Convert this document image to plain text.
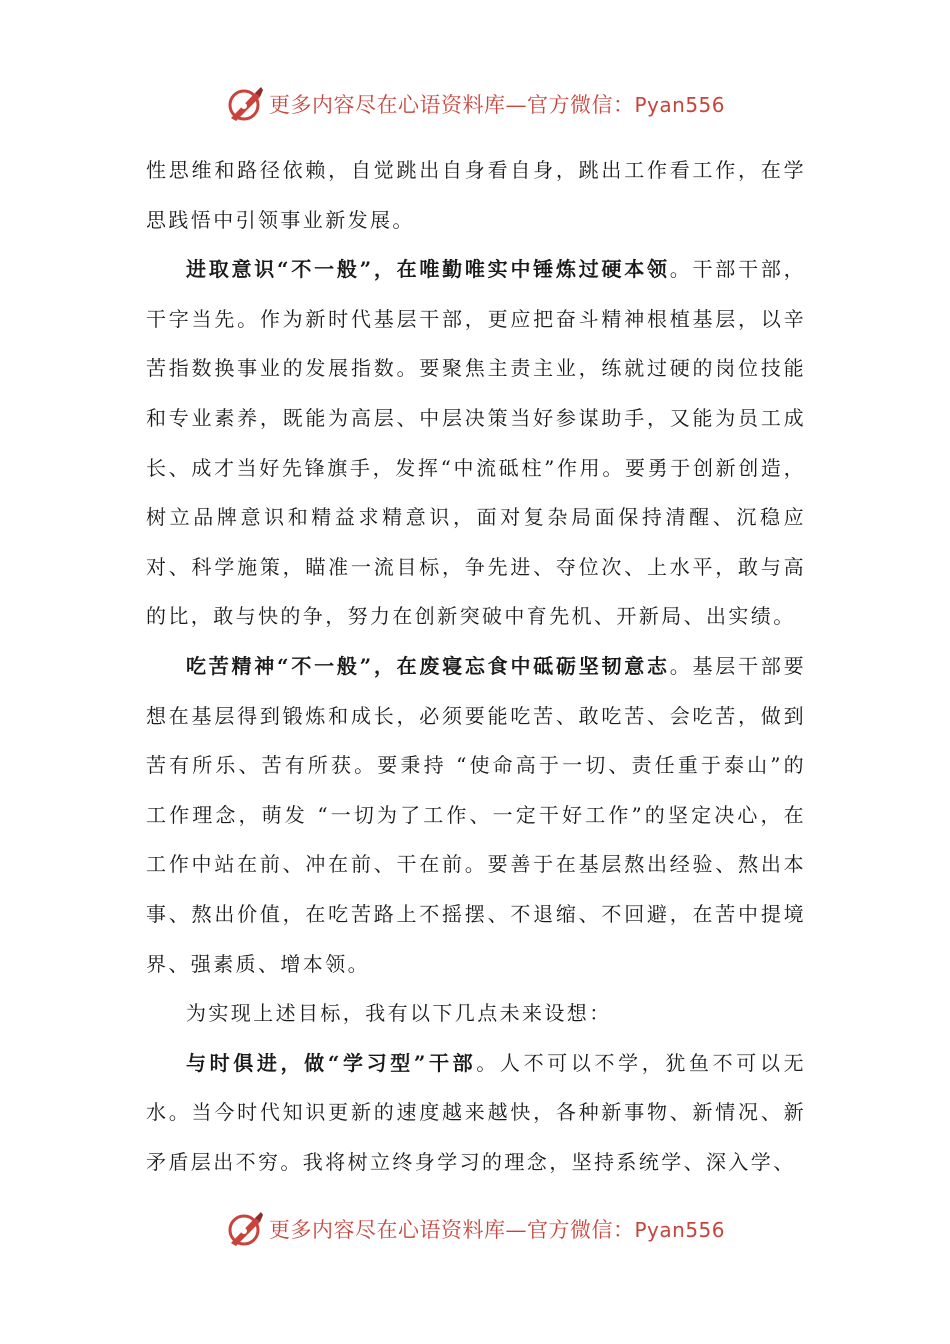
更多内容尽在心语资料库—官方微信：Pyan556

性思维和路径依赖，自觉跳出自身看自身，跳出工作看工作，在学思践悟中引领事业新发展。

进取意识“不一般”，在唯勤唯实中锤炼过硬本领。干部干部，干字当先。作为新时代基层干部，更应把奋斗精神根植基层，以辛苦指数换事业的发展指数。要聚焦主责主业，练就过硬的岗位技能和专业素养，既能为高层、中层决策当好参谋助手，又能为员工成长、成才当好先锋旗手，发挥“中流砥柱”作用。要勇于创新创造，树立品牌意识和精益求精意识，面对复杂局面保持清醒、沉稳应对、科学施策，瞄准一流目标，争先进、夺位次、上水平，敢与高的比，敢与快的争，努力在创新突破中育先机、开新局、出实绩。

吃苦精神“不一般”，在废寝忘食中砥砺坚韧意志。基层干部要想在基层得到锻炼和成长，必须要能吃苦、敢吃苦、会吃苦，做到苦有所乐、苦有所获。要秉持 “使命高于一切、责任重于泰山”的工作理念，萌发 “一切为了工作、一定干好工作”的坚定决心，在工作中站在前、冲在前、干在前。要善于在基层熬出经验、熬出本事、熬出价值，在吃苦路上不摇摆、不退缩、不回避，在苦中提境界、强素质、增本领。

为实现上述目标，我有以下几点未来设想：

与时俱进，做“学习型”干部。人不可以不学，犹鱼不可以无水。当今时代知识更新的速度越来越快，各种新事物、新情况、新矛盾层出不穷。我将树立终身学习的理念，坚持系统学、深入学、

更多内容尽在心语资料库—官方微信：Pyan556
